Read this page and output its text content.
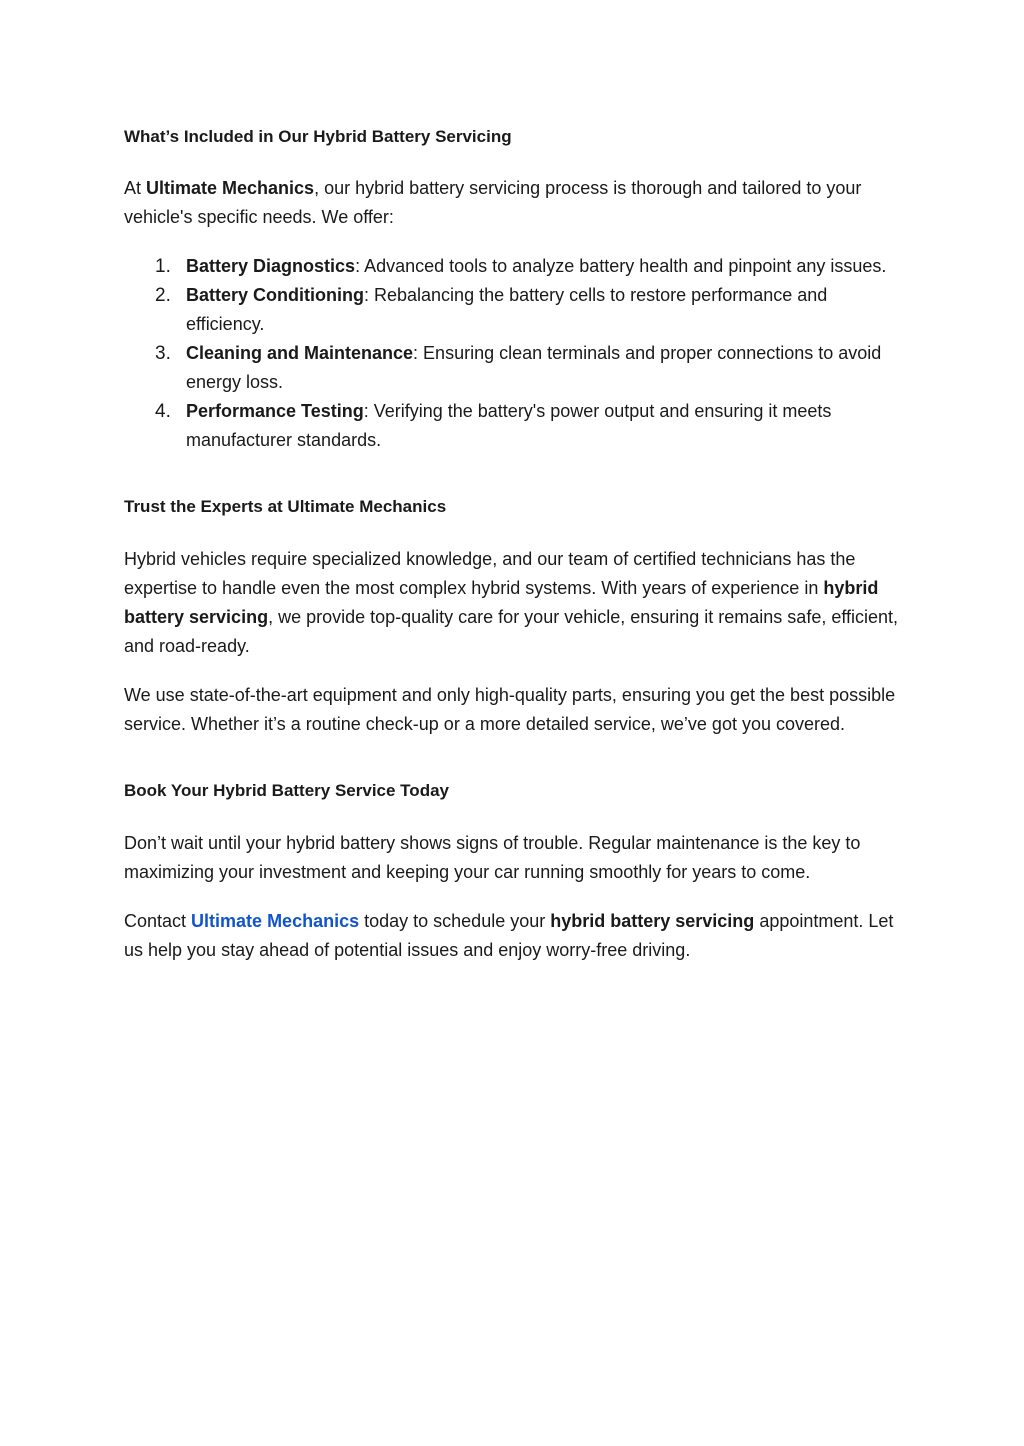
What’s Included in Our Hybrid Battery Servicing

At Ultimate Mechanics, our hybrid battery servicing process is thorough and tailored to your vehicle's specific needs. We offer:

1. Battery Diagnostics: Advanced tools to analyze battery health and pinpoint any issues.
2. Battery Conditioning: Rebalancing the battery cells to restore performance and efficiency.
3. Cleaning and Maintenance: Ensuring clean terminals and proper connections to avoid energy loss.
4. Performance Testing: Verifying the battery's power output and ensuring it meets manufacturer standards.
Trust the Experts at Ultimate Mechanics

Hybrid vehicles require specialized knowledge, and our team of certified technicians has the expertise to handle even the most complex hybrid systems. With years of experience in hybrid battery servicing, we provide top-quality care for your vehicle, ensuring it remains safe, efficient, and road-ready.

We use state-of-the-art equipment and only high-quality parts, ensuring you get the best possible service. Whether it’s a routine check-up or a more detailed service, we’ve got you covered.

Book Your Hybrid Battery Service Today

Don’t wait until your hybrid battery shows signs of trouble. Regular maintenance is the key to maximizing your investment and keeping your car running smoothly for years to come.

Contact Ultimate Mechanics today to schedule your hybrid battery servicing appointment. Let us help you stay ahead of potential issues and enjoy worry-free driving.
